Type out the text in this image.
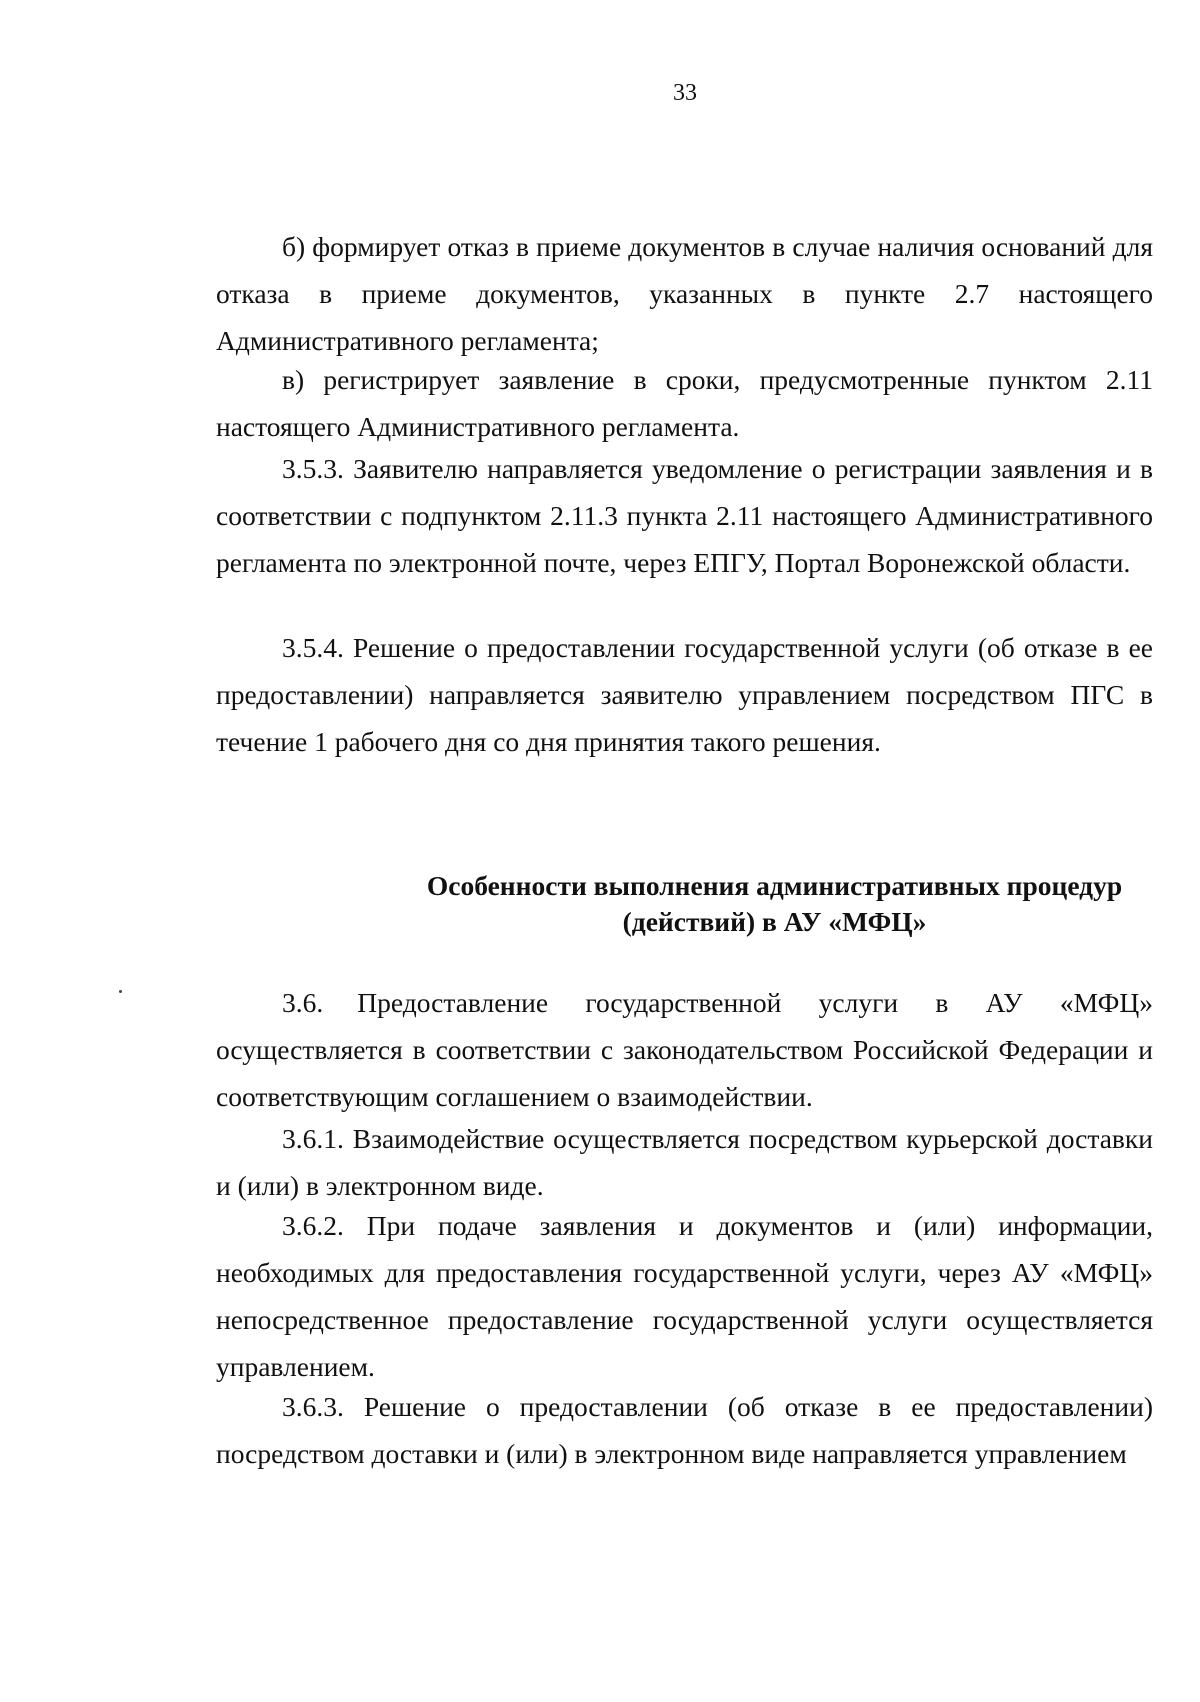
33

б) формирует отказ в приеме документов в случае наличия оснований для отказа в приеме документов, указанных в пункте 2.7 настоящего Административного регламента;

в) регистрирует заявление в сроки, предусмотренные пунктом 2.11 настоящего Административного регламента.

3.5.3. Заявителю направляется уведомление о регистрации заявления и в соответствии с подпунктом 2.11.3 пункта 2.11 настоящего Административного регламента по электронной почте, через ЕПГУ, Портал Воронежской области.

3.5.4. Решение о предоставлении государственной услуги (об отказе в ее предоставлении) направляется заявителю управлением посредством ПГС в течение 1 рабочего дня со дня принятия такого решения.

Особенности выполнения административных процедур
(действий) в АУ «МФЦ»

3.6. Предоставление государственной услуги в АУ «МФЦ» осуществляется в соответствии с законодательством Российской Федерации и соответствующим соглашением о взаимодействии.

3.6.1. Взаимодействие осуществляется посредством курьерской доставки и (или) в электронном виде.

3.6.2. При подаче заявления и документов и (или) информации, необходимых для предоставления государственной услуги, через АУ «МФЦ» непосредственное предоставление государственной услуги осуществляется управлением.

3.6.3. Решение о предоставлении (об отказе в ее предоставлении) посредством доставки и (или) в электронном виде направляется управлением
